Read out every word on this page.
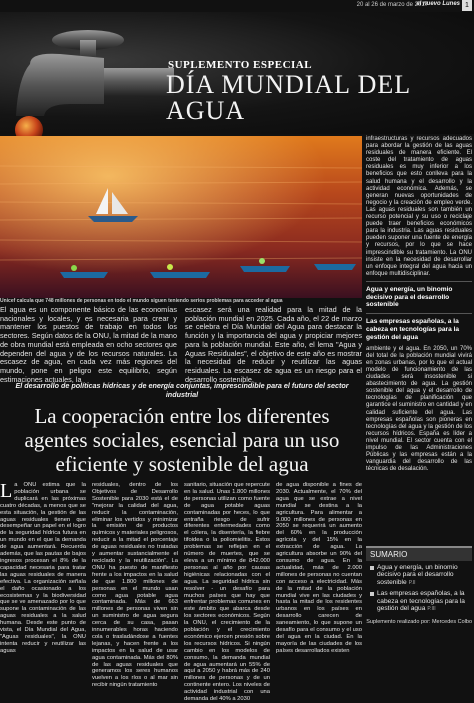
20 al 26 de marzo de 2017
el nuevo Lunes 1
SUPLEMENTO ESPECIAL
DÍA MUNDIAL DEL AGUA
Unicef calcula que 748 millones de personas en todo el mundo siguen teniendo serios problemas para acceder al agua

El agua es un componente básico de las economías nacionales y locales, y es necesaria para crear y mantener los puestos de trabajo en todos los sectores. Según datos de la ONU, la mitad de la mano de obra mundial está empleada en ocho sectores que dependen del agua y de los recursos naturales. La escasez de agua, en cada vez más regiones del mundo, pone en peligro este equilibrio, según estimaciones actuales, la

escasez será una realidad para la mitad de la población mundial en 2025. Cada año, el 22 de marzo se celebra el Día Mundial del Agua para destacar la función y la importancia del agua y propiciar mejores para la población mundial. Este año, el lema "Agua y Aguas Residuales", el objetivo de este año es mostrar la necesidad de reducir y reutilizar las aguas residuales. La escasez de agua es un riesgo para el desarrollo sostenible.

El desarrollo de políticas hídricas y de energía conjuntas, imprescindible para el futuro del sector industrial
La cooperación entre los diferentes agentes sociales, esencial para un uso eficiente y sostenible del agua
La ONU estima que la población urbana se duplicará en las próximas cuatro décadas, a menos que se esta situación, la gestión de las aguas residuales tienen que desempeñar un papel en el logro de la seguridad hídrica futura en un mundo en el que la demanda de agua aumentará. Recuerda además, que las pautas de bajos ingresos procesan el 8% de la capacidad necesaria para tratar las aguas residuales de manera efectiva. La organización señala el daño ocasionado a los ecosistemas y la biodiversidad que se ve amenazado por lo que supone la contaminación de las aguas residuales a la salud humana. Desde este punto de vista, el Día Mundial del Agua, "Aguas residuales", la ONU intenta reducir y reutilizar las aguas

residuales, dentro de los Objetivos de Desarrollo Sostenible para 2030 está el de "mejorar la calidad del agua, reducir la contaminación, eliminar los vertidos y minimizar la emisión de productos químicos y materiales peligrosos, reducir a la mitad el porcentaje de aguas residuales no tratadas y aumentar sustancialmente el reciclado y la reutilización". La ONU ha puesto de manifiesto frente a los impactos en la salud de que 1.800 millones de personas en el mundo usan como agua potable agua contaminada. Más de 663 millones de personas viven sin un suministro de agua segura cerca de su casa, pasan innumerables horas haciendo cola o trasladándose a fuentes lejanas, y hacen frente a los impactos en la salud de usar agua contaminada. Más del 80% de las aguas residuales que generamos los seres humanos vuelven a los ríos o al mar sin recibir ningún tratamiento

sanitario, situación que repercute en la salud. Unas 1.800 millones de personas utilizan como fuente de agua potable aguas contaminadas por heces, lo que entraña riesgo de sufrir diferentes enfermedades como el cólera, la disentería, la fiebre tifoidea o la poliomielitis. Estos problemas se reflejan en el número de muertes, que se eleva a un mínimo de 842.000 personas al año por causas higiénicas relacionadas con el agua. La seguridad hídrica sin resolver - un desafío para muchos países que hay que enfrentar problemas comunes en este ámbito que abarca desde los sectores económicos. Según la ONU, el crecimiento de la población y el crecimiento económico ejercen presión sobre los recursos hídricos. Si ningún cambio en los modelos de consumo, la demanda mundial de agua aumentará un 55% de aquí a 2050 y habrá más de 240 millones de personas y de un continente entero. Los niveles de actividad industrial con una demanda del 40% a 2030

de agua disponible a fines de 2030. Actualmente, el 70% del agua que se extrae a nivel mundial se destina a la agricultura. Para alimentar a 9.000 millones de personas en 2050 se requerirá un aumento del 60% en la producción agrícola y del 15% en la extracción de agua. La agricultura absorbe un 90% del consumo de agua. En la actualidad, más de 2.000 millones de personas no cuentan con acceso a electricidad. Más de la mitad de la población mundial vive en las ciudades y hasta la mitad de los residentes urbanos en los países en desarrollo carecen de saneamiento, lo que supone un desafío para el consumo y el uso del agua en la ciudad. En la mayoría de las ciudades de los países desarrollados existen

infraestructuras y recursos adecuados para abordar la gestión de las aguas residuales de manera eficiente. El coste del tratamiento de aguas residuales es muy inferior a los beneficios que esto conlleva para la salud humana y el desarrollo y la actividad económica. Además, se generan nuevas oportunidades de negocio y la creación de empleo verde. Las aguas residuales son también un recurso potencial y su uso o reciclaje puede traer beneficios económicos para la industria. Las aguas residuales pueden suponer una fuente de energía y recursos, por lo que se hace imprescindible su tratamiento. La ONU insiste en la necesidad de desarrollar un enfoque integral del agua hacia un enfoque multidisciplinar.

Agua y energía, un binomio decisivo para el desarrollo sostenible
Las empresas españolas, a la cabeza en tecnologías para la gestión del agua

ambiente y el agua. En 2050, un 70% del total de la población mundial vivirá en zonas urbanas, por lo que el actual modelo de funcionamiento de las ciudades será insostenible si abastecimiento de agua. La gestión sostenible del agua y el desarrollo de tecnologías de planificación que garantice el suministro en cantidad y en calidad suficiente del agua. Las empresas españolas son pioneras en tecnologías del agua y la gestión de los recursos hídricos. España es líder a nivel mundial. El sector cuenta con el impulso de las Administraciones Públicas y las empresas están a la vanguardia del desarrollo de las técnicas de desalación.

SUMARIO
Agua y energía, un binomio decisivo para el desarrollo sostenible P.II
Las empresas españolas, a la cabeza en tecnologías para la gestión del agua P.III
Suplemento realizado por: Mercedes Colbo
